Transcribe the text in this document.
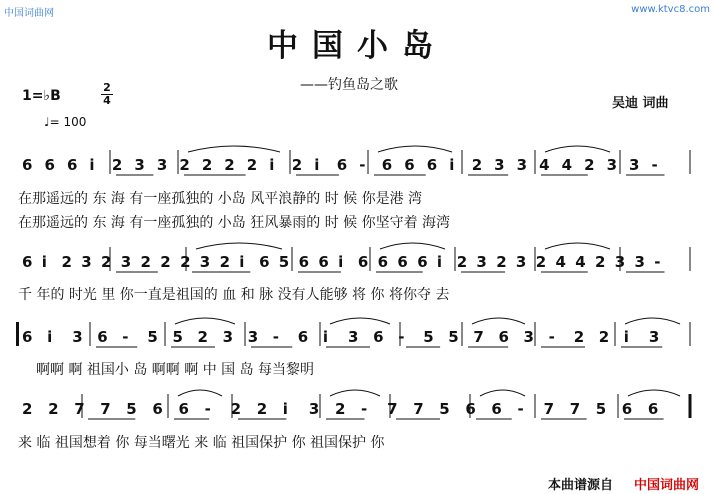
中国词曲网	www.ktvc8.com
中国小岛
——钓鱼岛之歌
吴迪 词曲
1=♭B
2
4
♩= 100
6 6 6 i 2 3 3 2 2 2 2 i 2 i 6 - 6 6 6 i 2 3 3 4 4 2 3 3 -
6 i 2 3 2 3 2 2 2 3 2 i 6 5 6 6 i 6 6 6 6 i 2 3 2 3 2 4 4 2 3 3 -
6 i 3 6 - 5 5 2 3 3 - 6 i 3 6 - 5 5 7 6 3 - 2 2 i 3
2 2 7 7 5 6 6 - 2 2 i 3 2 - 7 7 5 6 6 - 7 7 5 6 6
在那遥远的 东 海 有一座孤独的 小岛 风平浪静的 时 候 你是港 湾
在那遥远的 东 海 有一座孤独的 小岛 狂风暴雨的 时 候 你坚守着 海湾
千 年的 时光 里 你一直是祖国的 血 和 脉 没有人能够 将 你 将你夺 去
啊啊 啊 祖国小 岛 啊啊 啊 中 国 岛 每当黎明
来 临 祖国想着 你 每当曙光 来 临 祖国保护 你 祖国保护 你
本曲谱源自 中国词曲网
